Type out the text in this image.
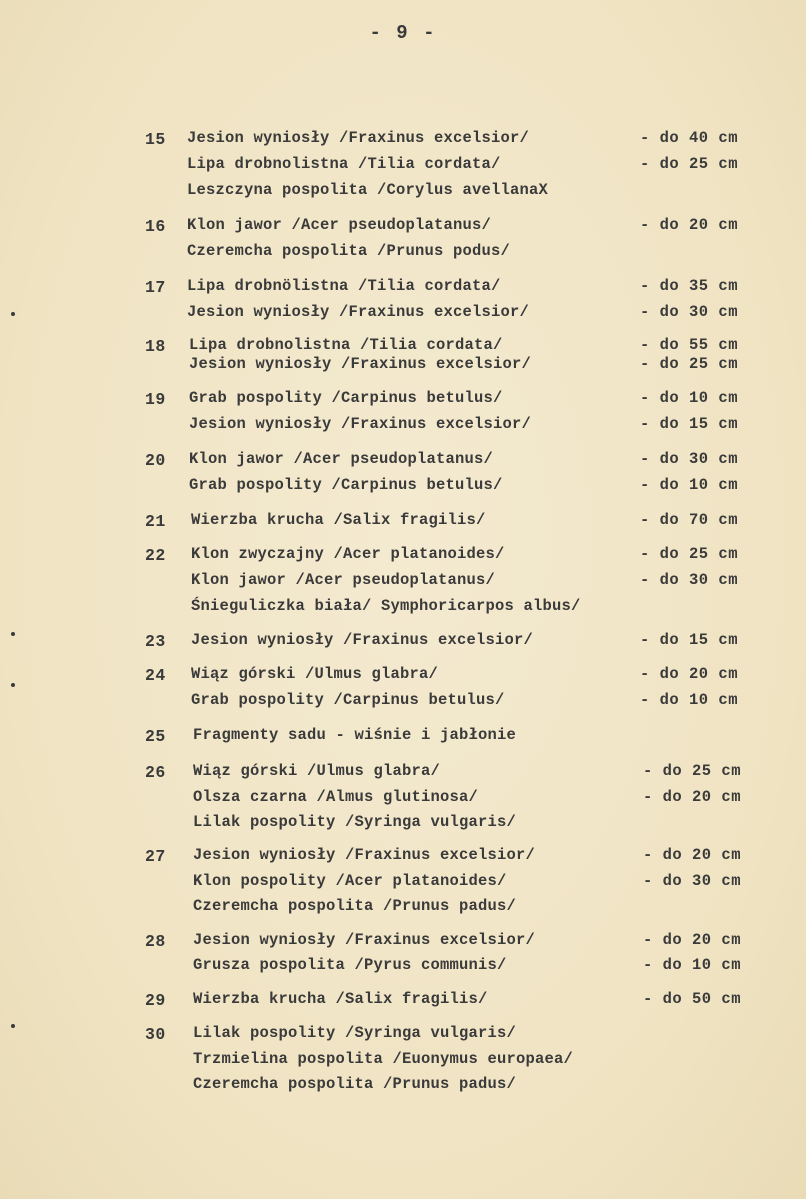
- 9 -
15	Jesion wyniosły /Fraxinus excelsior/	- do 40 cm
Lipa drobnolistna /Tilia cordata/	- do 25 cm
Leszczyna pospolita /Corylus avellanaX
16	Klon jawor /Acer pseudoplatanus/	- do 20 cm
Czeremcha pospolita /Prunus podus/
17	Lipa drobnölistna /Tilia cordata/	- do 35 cm
Jesion wyniosły /Fraxinus excelsior/	- do 30 cm
18	Lipa drobnolistna /Tilia cordata/	- do 55 cm
Jesion wyniosły /Fraxinus excelsior/	- do 25 cm
19	Grab pospolity /Carpinus betulus/	- do 10 cm
Jesion wyniosły /Fraxinus excelsior/	- do 15 cm
20	Klon jawor /Acer pseudoplatanus/	- do 30 cm
Grab pospolity /Carpinus betulus/	- do 10 cm
21	Wierzba krucha /Salix fragilis/	- do 70 cm
22	Klon zwyczajny /Acer platanoides/	- do 25 cm
Klon jawor /Acer pseudoplatanus/	- do 30 cm
Śnieguliczka biała/ Symphoricarpos albus/
23	Jesion wyniosły /Fraxinus excelsior/	- do 15 cm
24	Wiąz górski /Ulmus glabra/	- do 20 cm
Grab pospolity /Carpinus betulus/	- do 10 cm
25	Fragmenty sadu - wiśnie i jabłonie
26	Wiąz górski /Ulmus glabra/	- do 25 cm
Olsza czarna /Almus glutinosa/	- do 20 cm
Lilak pospolity /Syringa vulgaris/
27	Jesion wyniosły /Fraxinus excelsior/	- do 20 cm
Klon pospolity /Acer platanoides/	- do 30 cm
Czeremcha pospolita /Prunus padus/
28	Jesion wyniosły /Fraxinus excelsior/	- do 20 cm
Grusza pospolita /Pyrus communis/	- do 10 cm
29	Wierzba krucha /Salix fragilis/	- do 50 cm
30	Lilak pospolity /Syringa vulgaris/
Trzmielina pospolita /Euonymus europaea/
Czeremcha pospolita /Prunus padus/
